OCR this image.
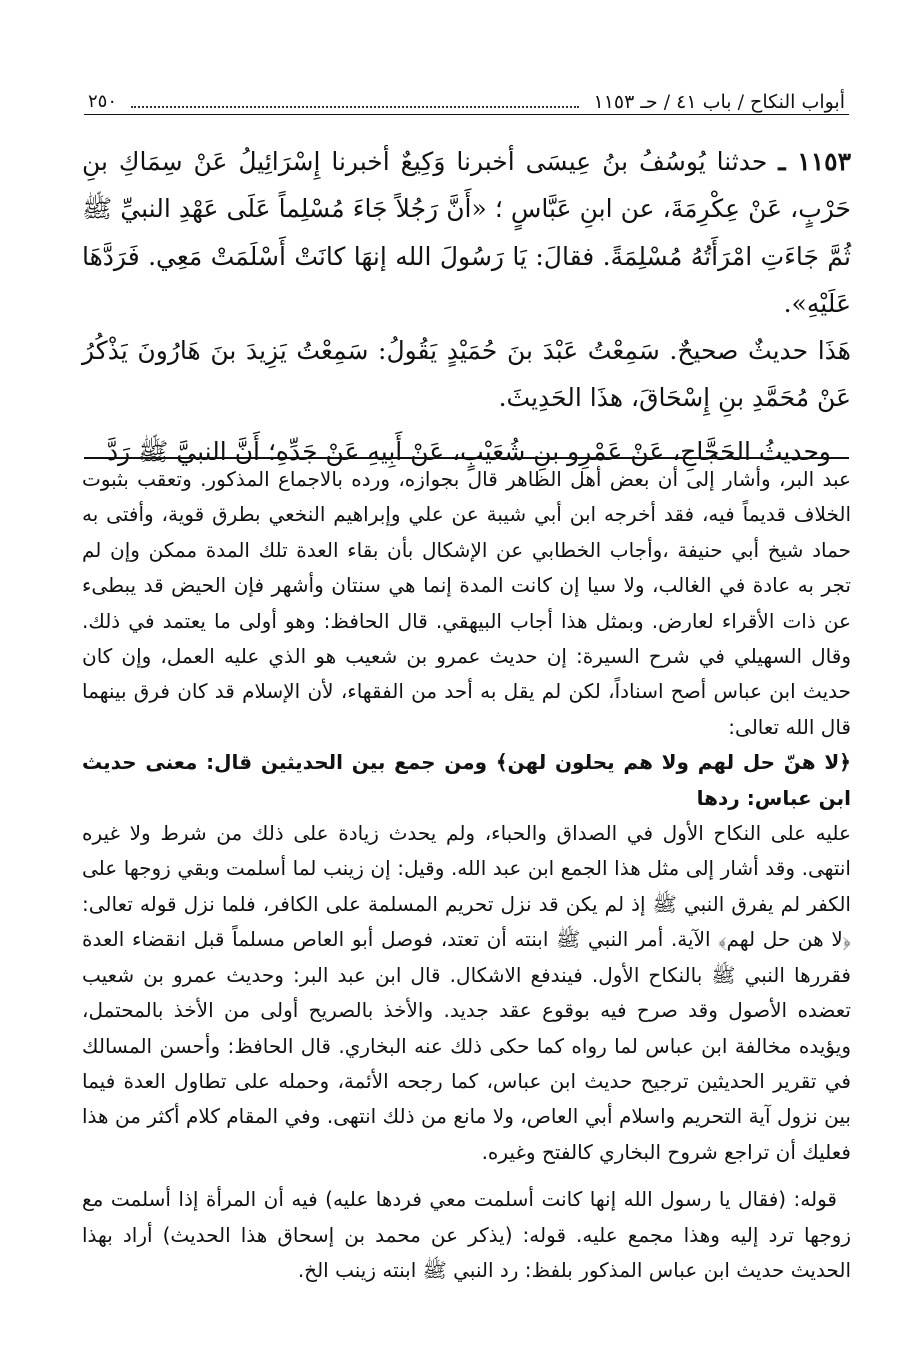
أبواب النكاح / باب ٤١ / حـ ١١٥٣
٢٥٠

١١٥٣ ـ حدثنا يُوسُفُ بنُ عِيسَى أخبرنا وَكِيعٌ أخبرنا إِسْرَائِيلُ عَنْ سِمَاكِ بنِ حَرْبٍ، عَنْ عِكْرِمَةَ، عن ابنِ عَبَّاسٍ ؛ «أَنَّ رَجُلاً جَاءَ مُسْلِماً عَلَى عَهْدِ النبيِّ ﷺ ثُمَّ جَاءَتِ امْرَأَتُهُ مُسْلِمَةً. فقالَ: يَا رَسُولَ الله إنهَا كانَتْ أَسْلَمَتْ مَعِي. فَرَدَّهَا عَلَيْهِ».

هَذَا حديثٌ صحيحٌ. سَمِعْتُ عَبْدَ بنَ حُمَيْدٍ يَقُولُ: سَمِعْتُ يَزِيدَ بنَ هَارُونَ يَذْكُرُ عَنْ مُحَمَّدِ بنِ إِسْحَاقَ، هذَا الحَدِيثَ.

وحديثُ الحَجَّاجِ، عَنْ عَمْرِو بنِ شُعَيْبٍ، عَنْ أَبِيهِ عَنْ جَدِّهِ؛ أَنَّ النبيَّ ﷺ رَدَّ

عبد البر، وأشار إلى أن بعض أهل الظاهر قال بجوازه، ورده بالاجماع المذكور. وتعقب بثبوت الخلاف قديماً فيه، فقد أخرجه ابن أبي شيبة عن علي وإبراهيم النخعي بطرق قوية، وأفتى به حماد شيخ أبي حنيفة ،وأجاب الخطابي عن الإشكال بأن بقاء العدة تلك المدة ممكن وإن لم تجر به عادة في الغالب، ولا سيا إن كانت المدة إنما هي سنتان وأشهر فإن الحيض قد يبطىء عن ذات الأقراء لعارض. وبمثل هذا أجاب البيهقي. قال الحافظ: وهو أولى ما يعتمد في ذلك. وقال السهيلي في شرح السيرة: إن حديث عمرو بن شعيب هو الذي عليه العمل، وإن كان حديث ابن عباس أصح اسناداً، لكن لم يقل به أحد من الفقهاء، لأن الإسلام قد كان فرق بينهما قال الله تعالى:

﴿لا هنّ حل لهم ولا هم يحلون لهن﴾ ومن جمع بين الحديثين قال: معنى حديث ابن عباس: ردها

عليه على النكاح الأول في الصداق والحباء، ولم يحدث زيادة على ذلك من شرط ولا غيره انتهى. وقد أشار إلى مثل هذا الجمع ابن عبد الله. وقيل: إن زينب لما أسلمت وبقي زوجها على الكفر لم يفرق النبي ﷺ إذ لم يكن قد نزل تحريم المسلمة على الكافر، فلما نزل قوله تعالى: ﴿لا هن حل لهم﴾ الآية. أمر النبي ﷺ ابنته أن تعتد، فوصل أبو العاص مسلماً قبل انقضاء العدة فقررها النبي ﷺ بالنكاح الأول. فيندفع الاشكال. قال ابن عبد البر: وحديث عمرو بن شعيب تعضده الأصول وقد صرح فيه بوقوع عقد جديد. والأخذ بالصريح أولى من الأخذ بالمحتمل، ويؤيده مخالفة ابن عباس لما رواه كما حكى ذلك عنه البخاري. قال الحافظ: وأحسن المسالك في تقرير الحديثين ترجيح حديث ابن عباس، كما رجحه الأئمة، وحمله على تطاول العدة فيما بين نزول آية التحريم واسلام أبي العاص، ولا مانع من ذلك انتهى. وفي المقام كلام أكثر من هذا فعليك أن تراجع شروح البخاري كالفتح وغيره.

قوله: (فقال يا رسول الله إنها كانت أسلمت معي فردها عليه) فيه أن المرأة إذا أسلمت مع زوجها ترد إليه وهذا مجمع عليه. قوله: (يذكر عن محمد بن إسحاق هذا الحديث) أراد بهذا الحديث حديث ابن عباس المذكور بلفظ: رد النبي ﷺ ابنته زينب الخ.
